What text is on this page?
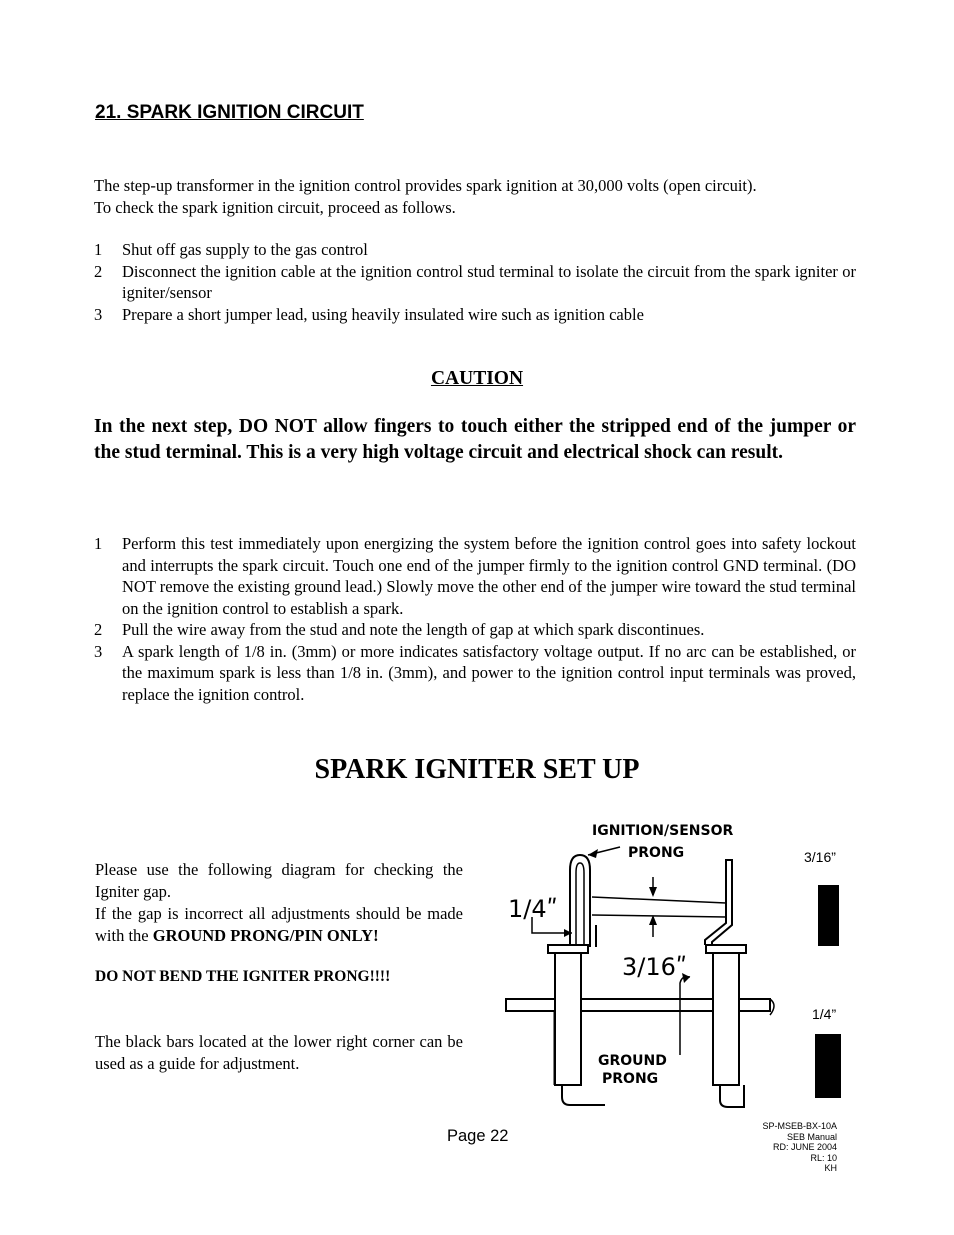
21. SPARK IGNITION CIRCUIT
The step-up transformer in the ignition control provides spark ignition at 30,000 volts (open circuit).
To check the spark ignition circuit, proceed as follows.
1 Shut off gas supply to the gas control
2 Disconnect the ignition cable at the ignition control stud terminal to isolate the circuit from the spark igniter or igniter/sensor
3 Prepare a short jumper lead, using heavily insulated wire such as ignition cable
CAUTION
In the next step, DO NOT allow fingers to touch either the stripped end of the jumper or the stud terminal. This is a very high voltage circuit and electrical shock can result.
1 Perform this test immediately upon energizing the system before the ignition control goes into safety lockout and interrupts the spark circuit. Touch one end of the jumper firmly to the ignition control GND terminal. (DO NOT remove the existing ground lead.) Slowly move the other end of the jumper wire toward the stud terminal on the ignition control to establish a spark.
2 Pull the wire away from the stud and note the length of gap at which spark discontinues.
3 A spark length of 1/8 in. (3mm) or more indicates satisfactory voltage output. If no arc can be established, or the maximum spark is less than 1/8 in. (3mm), and power to the ignition control input terminals was proved, replace the ignition control.
SPARK IGNITER SET UP
Please use the following diagram for checking the Igniter gap.
If the gap is incorrect all adjustments should be made with the GROUND PRONG/PIN ONLY!
DO NOT BEND THE IGNITER PRONG!!!!
The black bars located at the lower right corner can be used as a guide for adjustment.
IGNITION/SENSOR
PRONG
1/4ʺ
3/16ʺ
GROUND
PRONG
3/16”
1/4”
Page 22
SP-MSEB-BX-10A
SEB Manual
RD: JUNE 2004
RL: 10
KH
